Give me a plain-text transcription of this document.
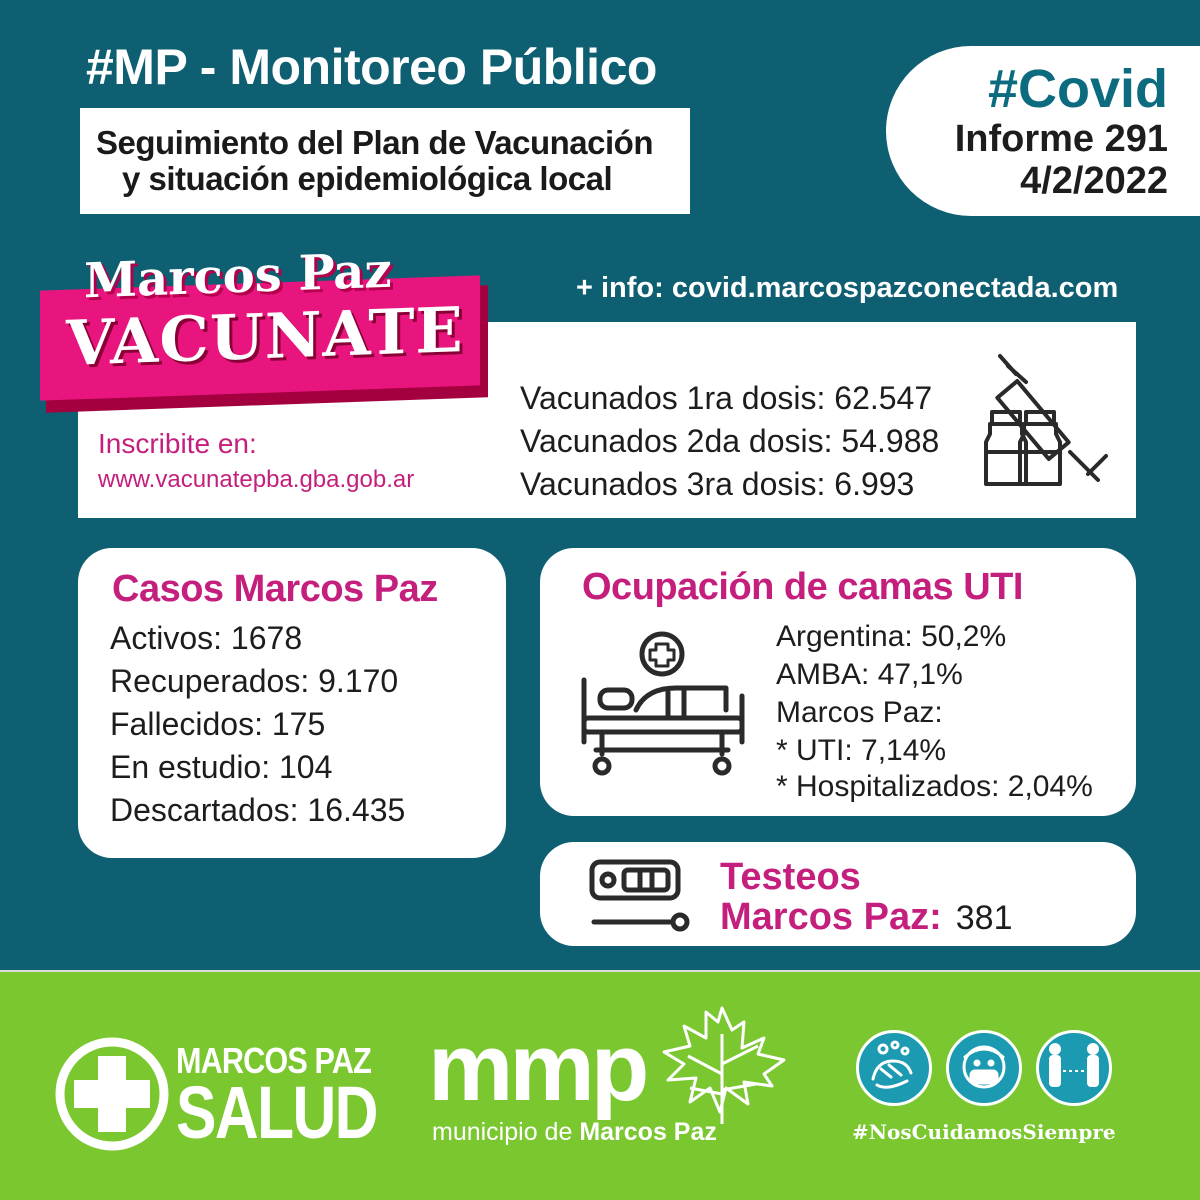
#MP - Monitoreo Público
Seguimiento del Plan de Vacunación
y situación epidemiológica local
#Covid
Informe 291
4/2/2022
Marcos Paz
VACUNATE
+ info: covid.marcospazconectada.com
Inscribite en:
www.vacunatepba.gba.gob.ar
Vacunados 1ra dosis: 62.547
Vacunados 2da dosis: 54.988
Vacunados 3ra dosis: 6.993
Casos Marcos Paz
Activos: 1678
Recuperados: 9.170
Fallecidos: 175
En estudio: 104
Descartados: 16.435
Ocupación de camas UTI
Argentina: 50,2%
AMBA: 47,1%
Marcos Paz:
* UTI: 7,14%
* Hospitalizados: 2,04%
Testeos
Marcos Paz: 381
MARCOS PAZ
SALUD mmp
municipio de Marcos Paz	#NosCuidamosSiempre
